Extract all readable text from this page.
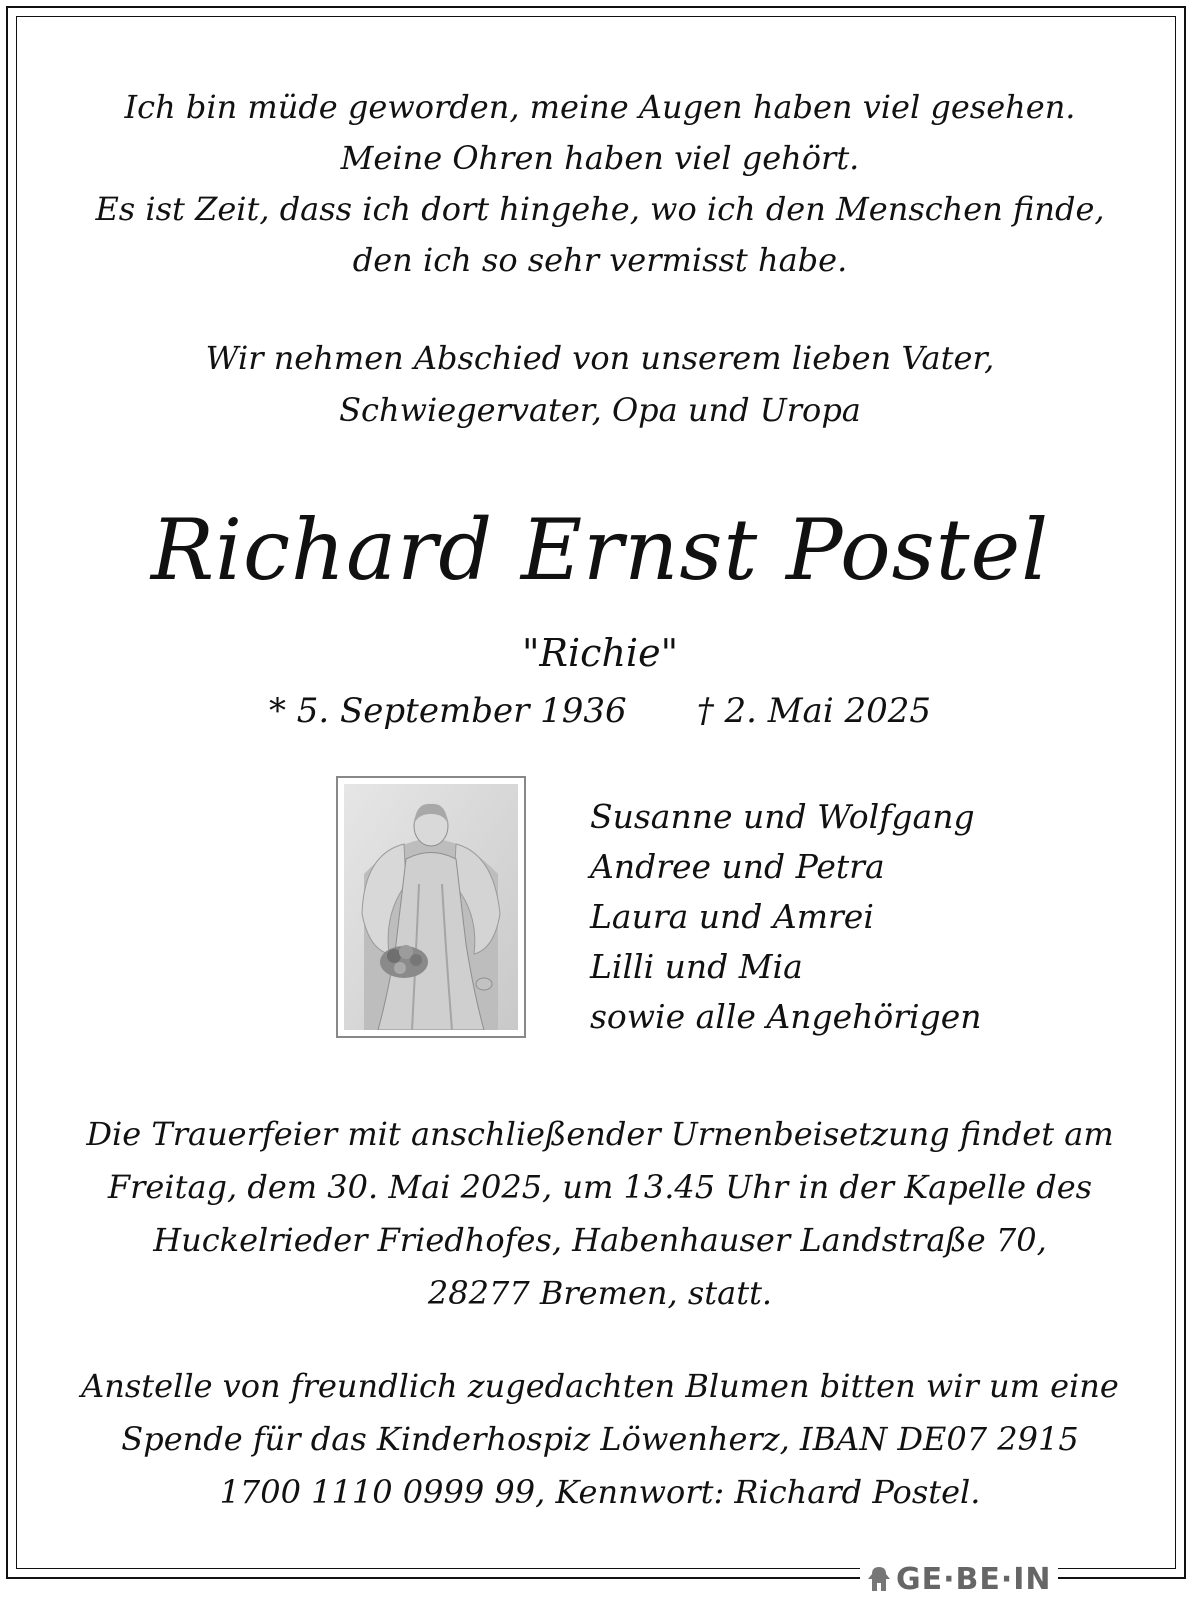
Ich bin müde geworden, meine Augen haben viel gesehen.
Meine Ohren haben viel gehört.
Es ist Zeit, dass ich dort hingehe, wo ich den Menschen finde,
den ich so sehr vermisst habe.
Wir nehmen Abschied von unserem lieben Vater,
Schwiegervater, Opa und Uropa
Richard Ernst Postel
"Richie"
* 5. September 1936 † 2. Mai 2025
Die Trauerfeier mit anschließender Urnenbeisetzung findet am
Freitag, dem 30. Mai 2025, um 13.45 Uhr in der Kapelle des
Huckelrieder Friedhofes, Habenhauser Landstraße 70,
28277 Bremen, statt.
Anstelle von freundlich zugedachten Blumen bitten wir um eine
Spende für das Kinderhospiz Löwenherz, IBAN DE07 2915
1700 1110 0999 99, Kennwort: Richard Postel.
Susanne und Wolfgang
Andree und Petra
Laura und Amrei
Lilli und Mia
sowie alle Angehörigen
GE·BE·IN
